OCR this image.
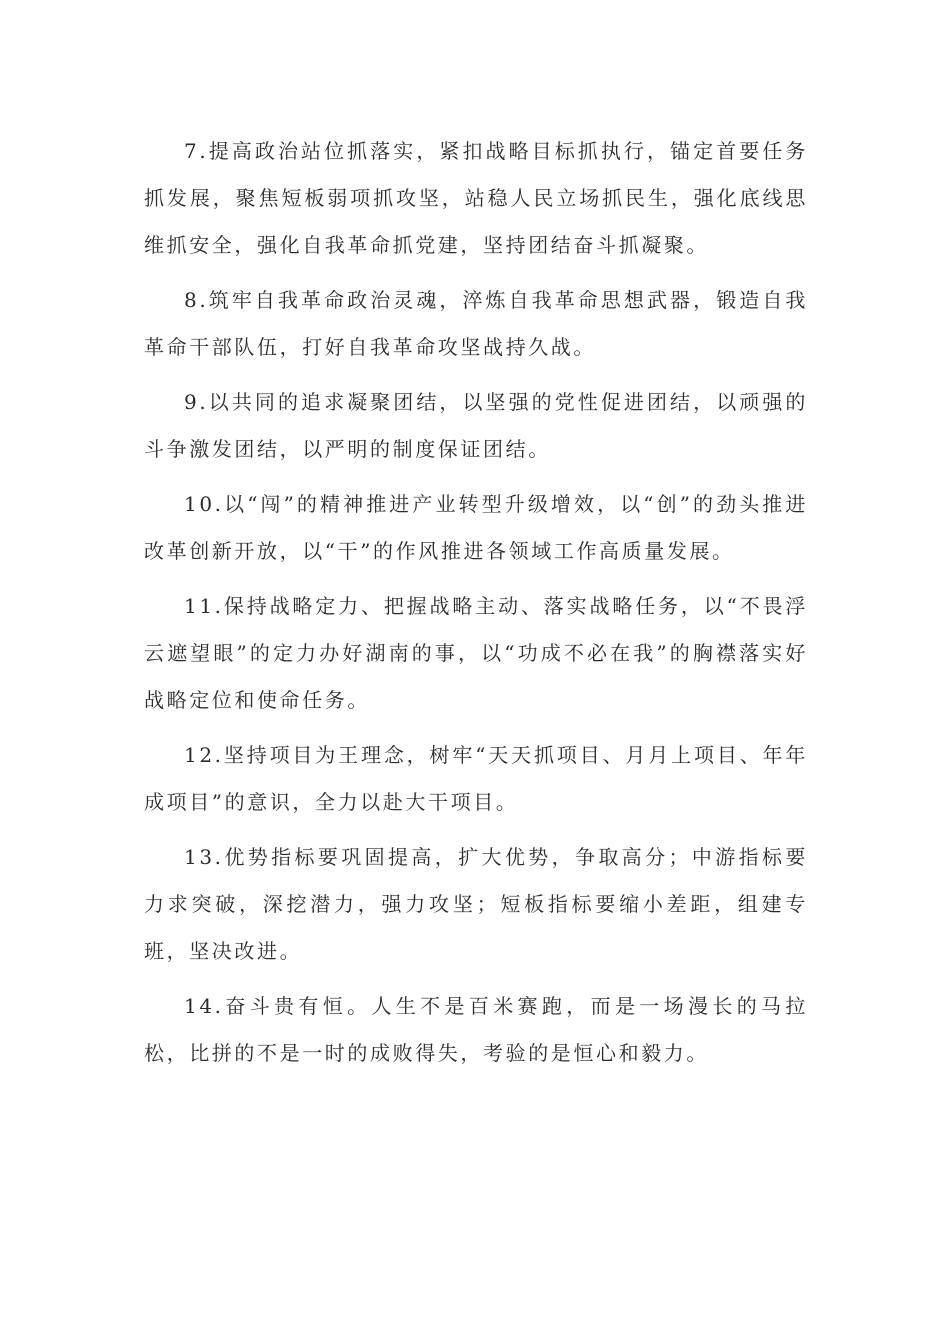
7.提高政治站位抓落实，紧扣战略目标抓执行，锚定首要任务抓发展，聚焦短板弱项抓攻坚，站稳人民立场抓民生，强化底线思维抓安全，强化自我革命抓党建，坚持团结奋斗抓凝聚。

8.筑牢自我革命政治灵魂，淬炼自我革命思想武器，锻造自我革命干部队伍，打好自我革命攻坚战持久战。

9.以共同的追求凝聚团结，以坚强的党性促进团结，以顽强的斗争激发团结，以严明的制度保证团结。

10.以“闯”的精神推进产业转型升级增效，以“创”的劲头推进改革创新开放，以“干”的作风推进各领域工作高质量发展。

11.保持战略定力、把握战略主动、落实战略任务，以“不畏浮云遮望眼”的定力办好湖南的事，以“功成不必在我”的胸襟落实好战略定位和使命任务。

12.坚持项目为王理念，树牢“天天抓项目、月月上项目、年年成项目”的意识，全力以赴大干项目。

13.优势指标要巩固提高，扩大优势，争取高分；中游指标要力求突破，深挖潜力，强力攻坚；短板指标要缩小差距，组建专班，坚决改进。

14.奋斗贵有恒。人生不是百米赛跑，而是一场漫长的马拉松，比拼的不是一时的成败得失，考验的是恒心和毅力。
